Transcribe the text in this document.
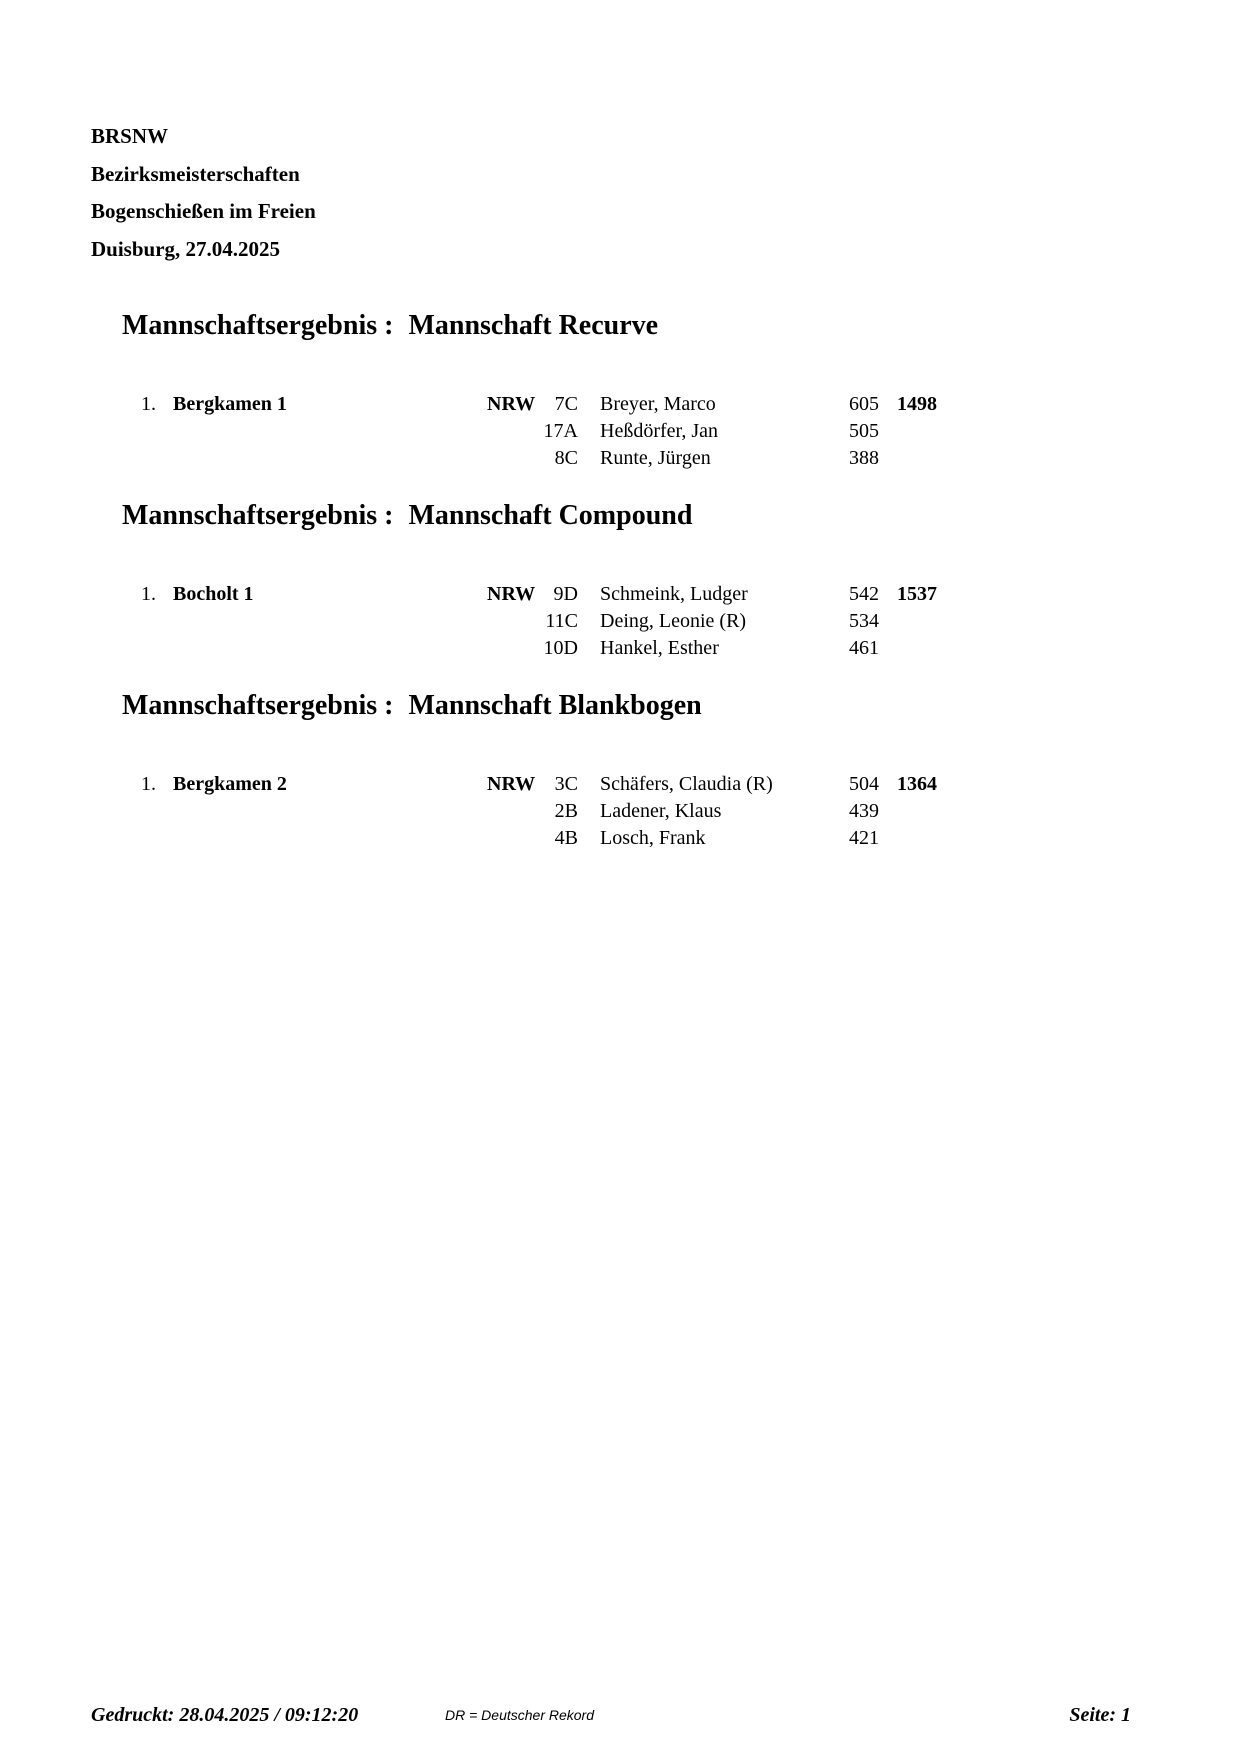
BRSNW
Bezirksmeisterschaften
Bogenschießen im Freien
Duisburg, 27.04.2025
Mannschaftsergebnis : Mannschaft Recurve
1. Bergkamen 1	NRW 7C Breyer, Marco	605 1498
17A Heßdörfer, Jan	505
8C Runte, Jürgen	388
Mannschaftsergebnis : Mannschaft Compound
1. Bocholt 1	NRW 9D Schmeink, Ludger	542 1537
11C Deing, Leonie (R)	534
10D Hankel, Esther	461
Mannschaftsergebnis : Mannschaft Blankbogen
1. Bergkamen 2	NRW 3C Schäfers, Claudia (R)	504 1364
2B Ladener, Klaus	439
4B Losch, Frank	421
Gedruckt: 28.04.2025 / 09:12:20	DR = Deutscher Rekord	Seite: 1
